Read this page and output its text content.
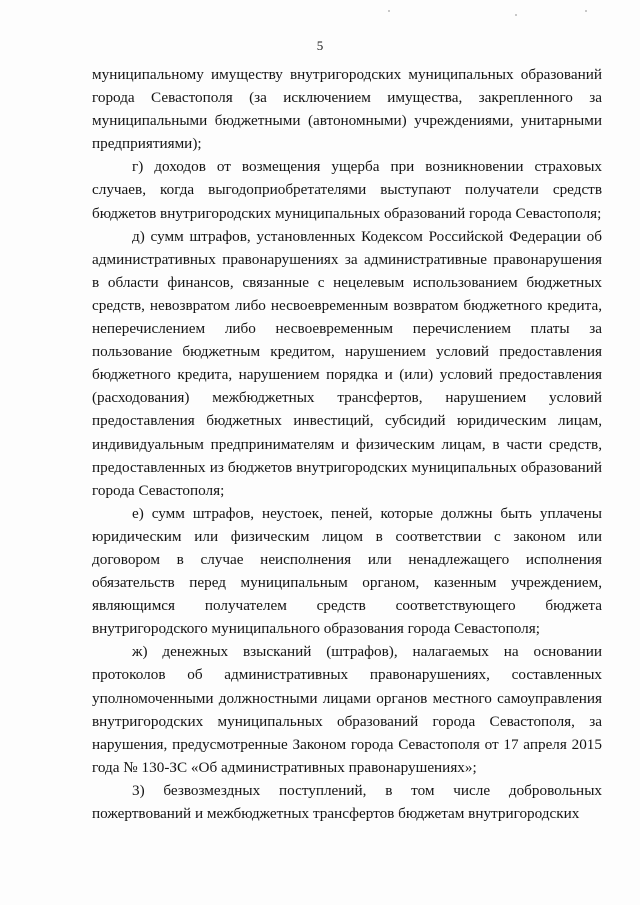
5

муниципальному имуществу внутригородских муниципальных образований города Севастополя (за исключением имущества, закрепленного за муниципальными бюджетными (автономными) учреждениями, унитарными предприятиями);

г) доходов от возмещения ущерба при возникновении страховых случаев, когда выгодоприобретателями выступают получатели средств бюджетов внутригородских муниципальных образований города Севастополя;

д) сумм штрафов, установленных Кодексом Российской Федерации об административных правонарушениях за административные правонарушения в области финансов, связанные с нецелевым использованием бюджетных средств, невозвратом либо несвоевременным возвратом бюджетного кредита, неперечислением либо несвоевременным перечислением платы за пользование бюджетным кредитом, нарушением условий предоставления бюджетного кредита, нарушением порядка и (или) условий предоставления (расходования) межбюджетных трансфертов, нарушением условий предоставления бюджетных инвестиций, субсидий юридическим лицам, индивидуальным предпринимателям и физическим лицам, в части средств, предоставленных из бюджетов внутригородских муниципальных образований города Севастополя;

е) сумм штрафов, неустоек, пеней, которые должны быть уплачены юридическим или физическим лицом в соответствии с законом или договором в случае неисполнения или ненадлежащего исполнения обязательств перед муниципальным органом, казенным учреждением, являющимся получателем средств соответствующего бюджета внутригородского муниципального образования города Севастополя;

ж) денежных взысканий (штрафов), налагаемых на основании протоколов об административных правонарушениях, составленных уполномоченными должностными лицами органов местного самоуправления внутригородских муниципальных образований города Севастополя, за нарушения, предусмотренные Законом города Севастополя от 17 апреля 2015 года № 130-ЗС «Об административных правонарушениях»;

3) безвозмездных поступлений, в том числе добровольных пожертвований и межбюджетных трансфертов бюджетам внутригородских
